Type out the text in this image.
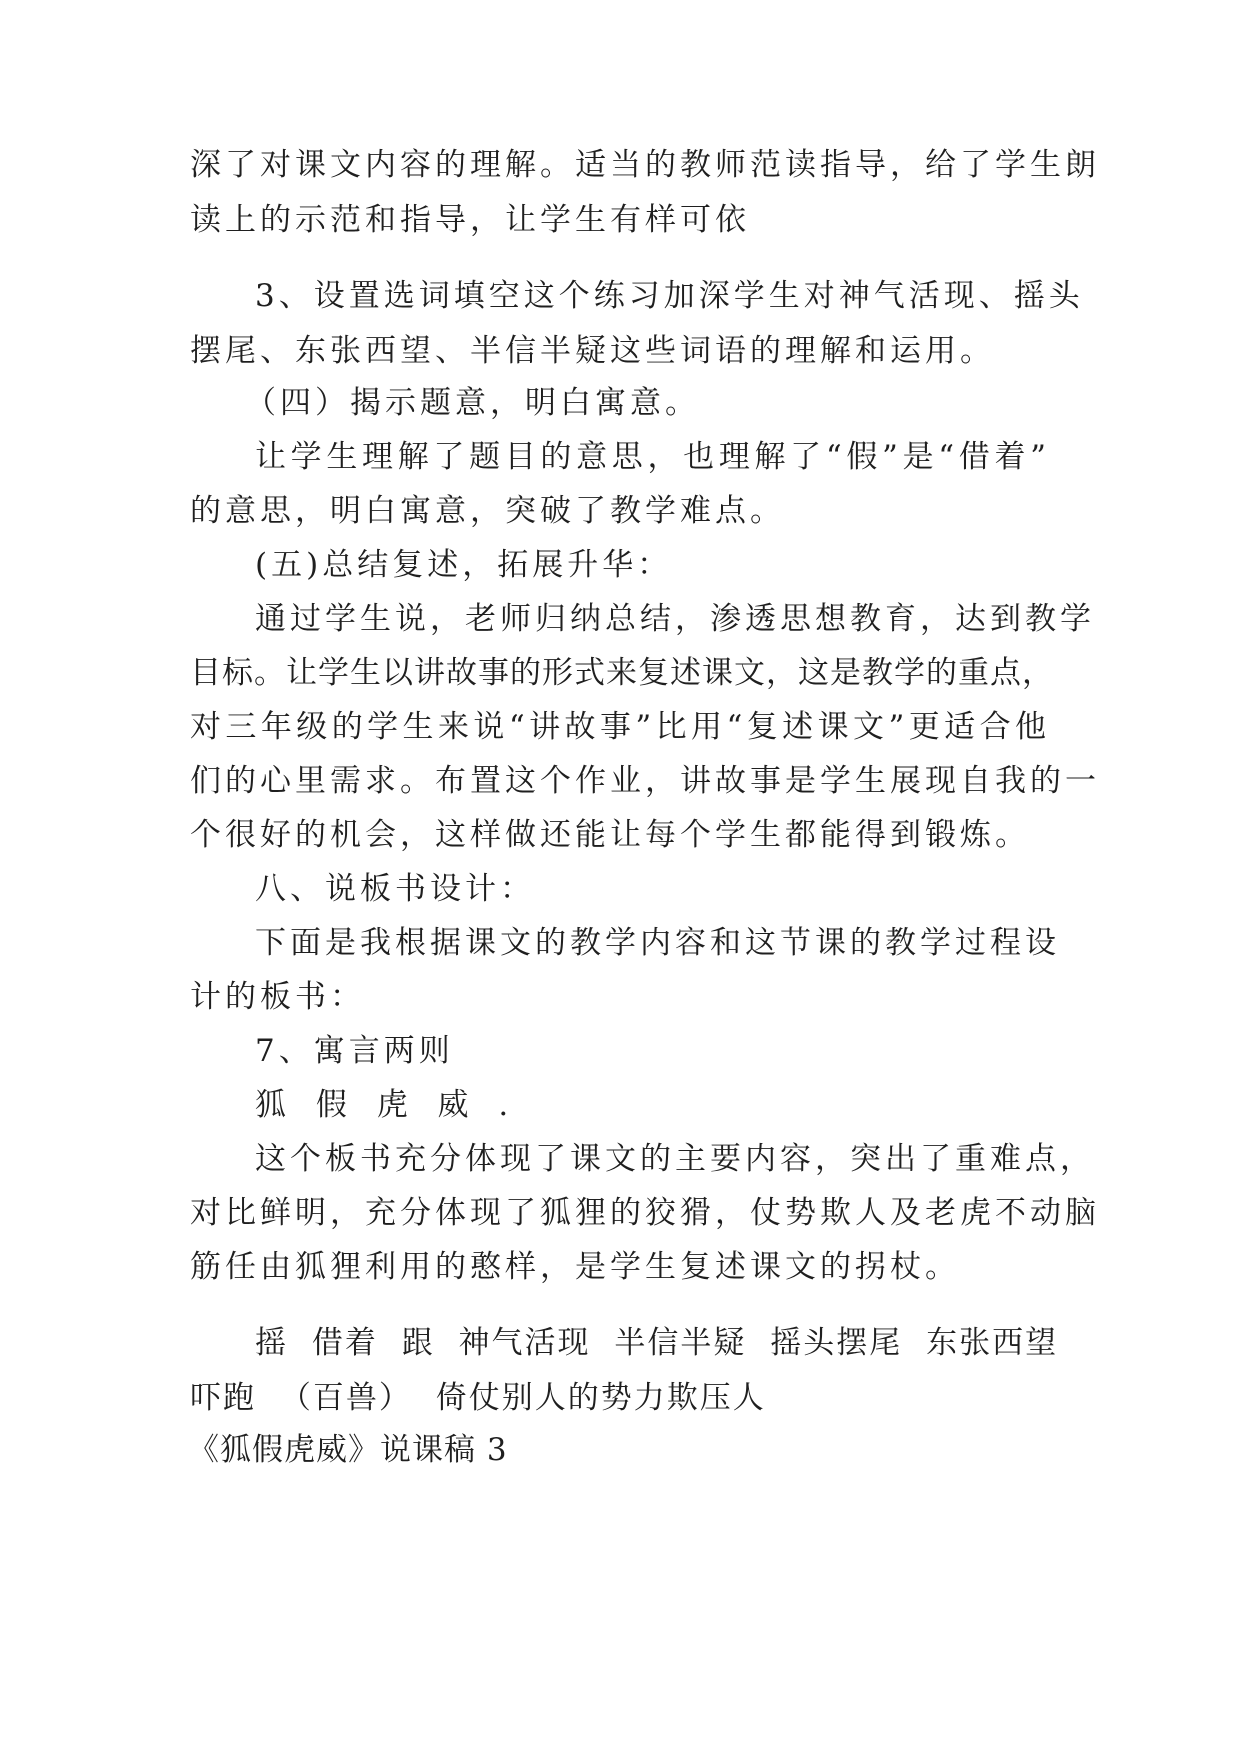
深了对课文内容的理解。适当的教师范读指导，给了学生朗
读上的示范和指导，让学生有样可依
3、设置选词填空这个练习加深学生对神气活现、摇头
摆尾、东张西望、半信半疑这些词语的理解和运用。
（四）揭示题意，明白寓意。
让学生理解了题目的意思，也理解了“假”是“借着”
的意思，明白寓意，突破了教学难点。
(五)总结复述，拓展升华：
通过学生说，老师归纳总结，渗透思想教育，达到教学
目标。让学生以讲故事的形式来复述课文，这是教学的重点，
对三年级的学生来说“讲故事”比用“复述课文”更适合他
们的心里需求。布置这个作业，讲故事是学生展现自我的一
个很好的机会，这样做还能让每个学生都能得到锻炼。
八、说板书设计：
下面是我根据课文的教学内容和这节课的教学过程设
计的板书：
7、寓言两则
狐 假 虎 威 .
这个板书充分体现了课文的主要内容，突出了重难点，
对比鲜明，充分体现了狐狸的狡猾，仗势欺人及老虎不动脑
筋任由狐狸利用的憨样，是学生复述课文的拐杖。
摇 借着 跟 神气活现 半信半疑 摇头摆尾 东张西望
吓跑 （百兽） 倚仗别人的势力欺压人
《狐假虎威》说课稿 3
